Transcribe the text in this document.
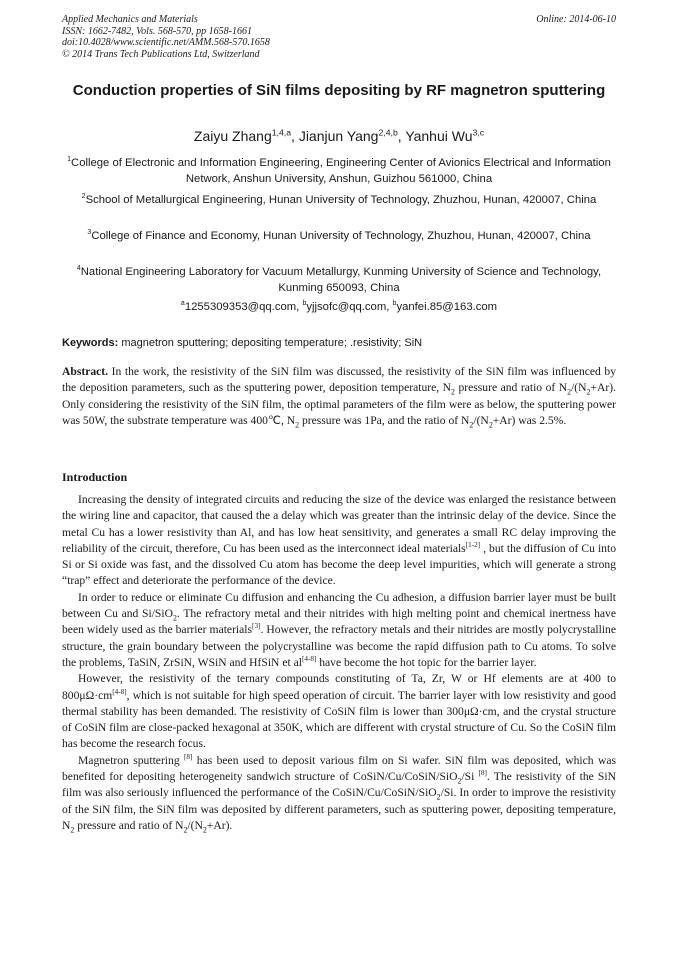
Applied Mechanics and Materials
ISSN: 1662-7482, Vols. 568-570, pp 1658-1661
doi:10.4028/www.scientific.net/AMM.568-570.1658
© 2014 Trans Tech Publications Ltd, Switzerland
Online: 2014-06-10
Conduction properties of SiN films depositing by RF magnetron sputtering
Zaiyu Zhang$^{1,4,a}$, Jianjun Yang$^{2,4,b}$, Yanhui Wu$^{3,c}$
$^1$College of Electronic and Information Engineering, Engineering Center of Avionics Electrical and Information Network, Anshun University, Anshun, Guizhou 561000, China
$^2$School of Metallurgical Engineering, Hunan University of Technology, Zhuzhou, Hunan, 420007, China
$^3$College of Finance and Economy, Hunan University of Technology, Zhuzhou, Hunan, 420007, China
$^4$National Engineering Laboratory for Vacuum Metallurgy, Kunming University of Science and Technology, Kunming 650093, China
$^a$1255309353@qq.com, $^b$yjjsofc@qq.com, $^b$yanfei.85@163.com
Keywords: magnetron sputtering; depositing temperature; .resistivity; SiN
Abstract. In the work, the resistivity of the SiN film was discussed, the resistivity of the SiN film was influenced by the deposition parameters, such as the sputtering power, deposition temperature, $N_2$ pressure and ratio of $N_2/(N_2+Ar)$. Only considering the resistivity of the SiN film, the optimal parameters of the film were as below, the sputtering power was 50W, the substrate temperature was 400℃, $N_2$ pressure was 1Pa, and the ratio of $N_2/(N_2+Ar)$ was 2.5%.
Introduction

Increasing the density of integrated circuits and reducing the size of the device was enlarged the resistance between the wiring line and capacitor, that caused the a delay which was greater than the intrinsic delay of the device. Since the metal Cu has a lower resistivity than Al, and has low heat sensitivity, and generates a small RC delay improving the reliability of the circuit, therefore, Cu has been used as the interconnect ideal materials[1-2] , but the diffusion of Cu into Si or Si oxide was fast, and the dissolved Cu atom has become the deep level impurities, which will generate a strong “trap” effect and deteriorate the performance of the device.

In order to reduce or eliminate Cu diffusion and enhancing the Cu adhesion, a diffusion barrier layer must be built between Cu and Si/SiO$_2$. The refractory metal and their nitrides with high melting point and chemical inertness have been widely used as the barrier materials[3]. However, the refractory metals and their nitrides are mostly polycrystalline structure, the grain boundary between the polycrystalline was become the rapid diffusion path to Cu atoms. To solve the problems, TaSiN, ZrSiN, WSiN and HfSiN et al[4-8] have become the hot topic for the barrier layer.

However, the resistivity of the ternary compounds constituting of Ta, Zr, W or Hf elements are at 400 to 800μΩ·cm[4-8], which is not suitable for high speed operation of circuit. The barrier layer with low resistivity and good thermal stability has been demanded. The resistivity of CoSiN film is lower than 300μΩ·cm, and the crystal structure of CoSiN film are close-packed hexagonal at 350K, which are different with crystal structure of Cu. So the CoSiN film has become the research focus.

Magnetron sputtering [8] has been used to deposit various film on Si wafer. SiN film was deposited, which was benefited for depositing heterogeneity sandwich structure of CoSiN/Cu/CoSiN/SiO$_2$/Si [8]. The resistivity of the SiN film was also seriously influenced the performance of the CoSiN/Cu/CoSiN/SiO$_2$/Si. In order to improve the resistivity of the SiN film, the SiN film was deposited by different parameters, such as sputtering power, depositing temperature, $N_2$ pressure and ratio of $N_2/(N_2+Ar)$.
